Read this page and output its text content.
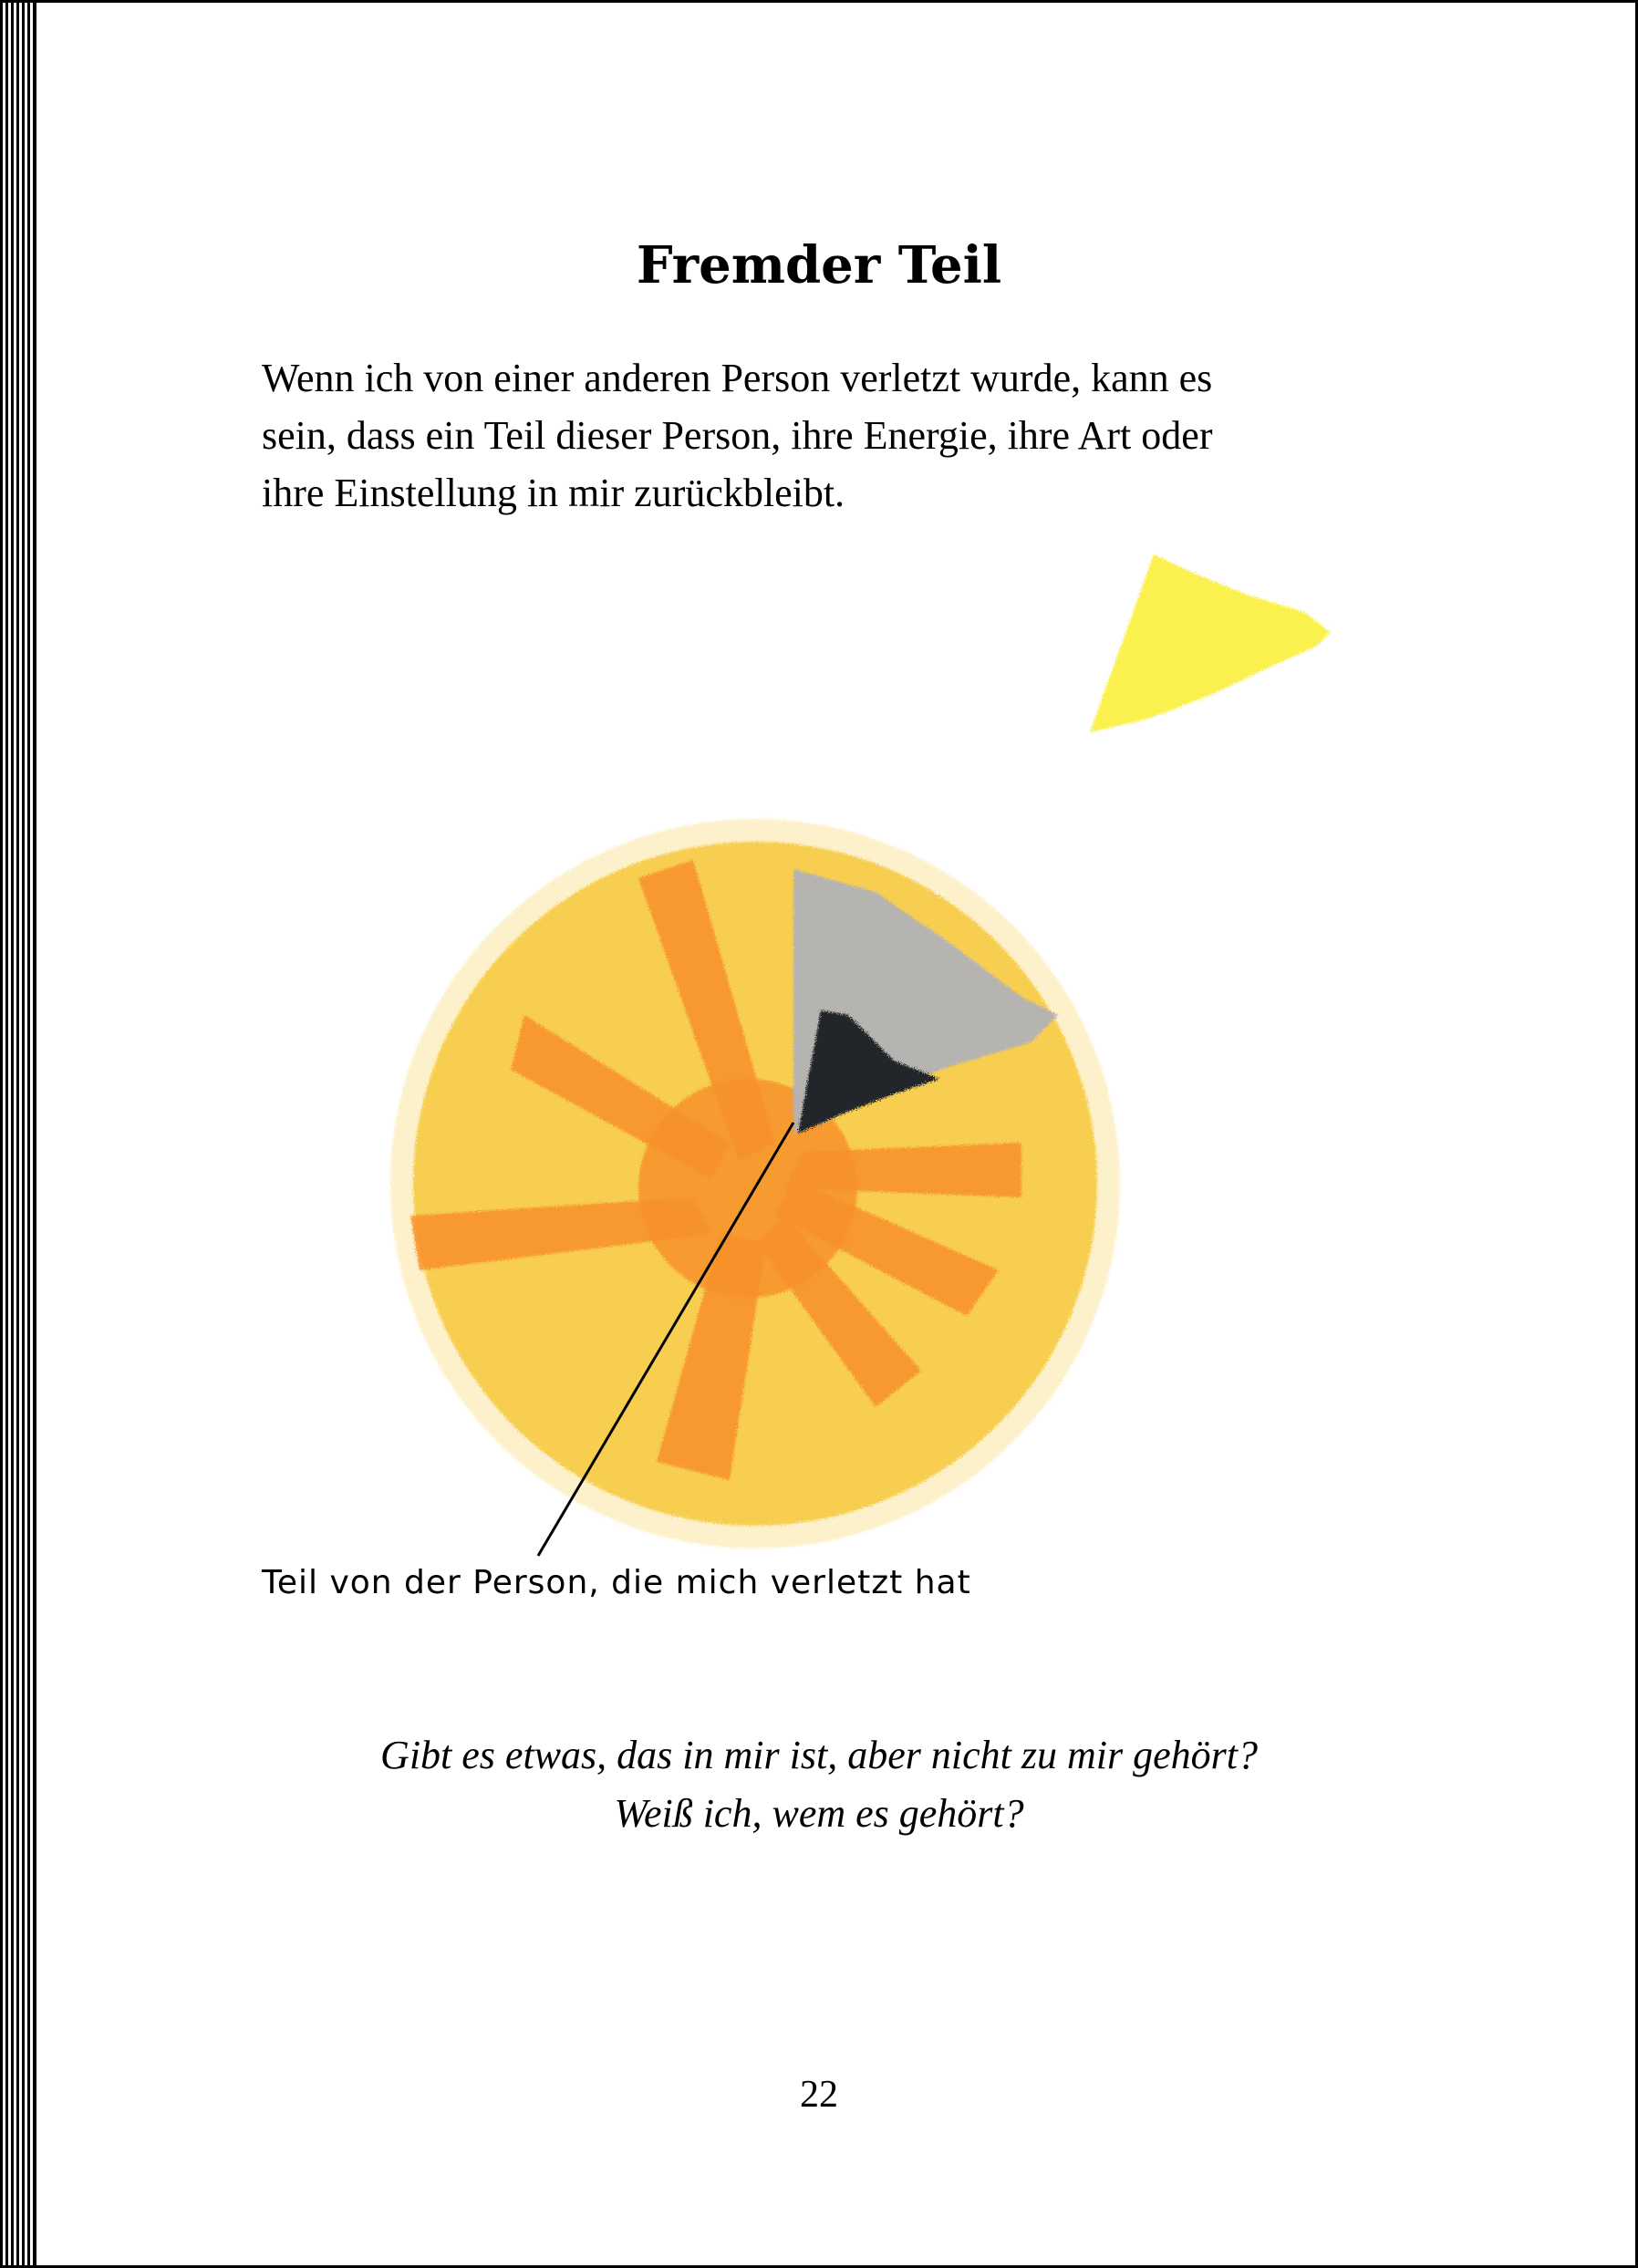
Fremder Teil
Wenn ich von einer anderen Person verletzt wurde, kann es
sein, dass ein Teil dieser Person, ihre Energie, ihre Art oder
ihre Einstellung in mir zurückbleibt.

Teil von der Person, die mich verletzt hat

Gibt es etwas, das in mir ist, aber nicht zu mir gehört?

Weiß ich, wem es gehört?

22
